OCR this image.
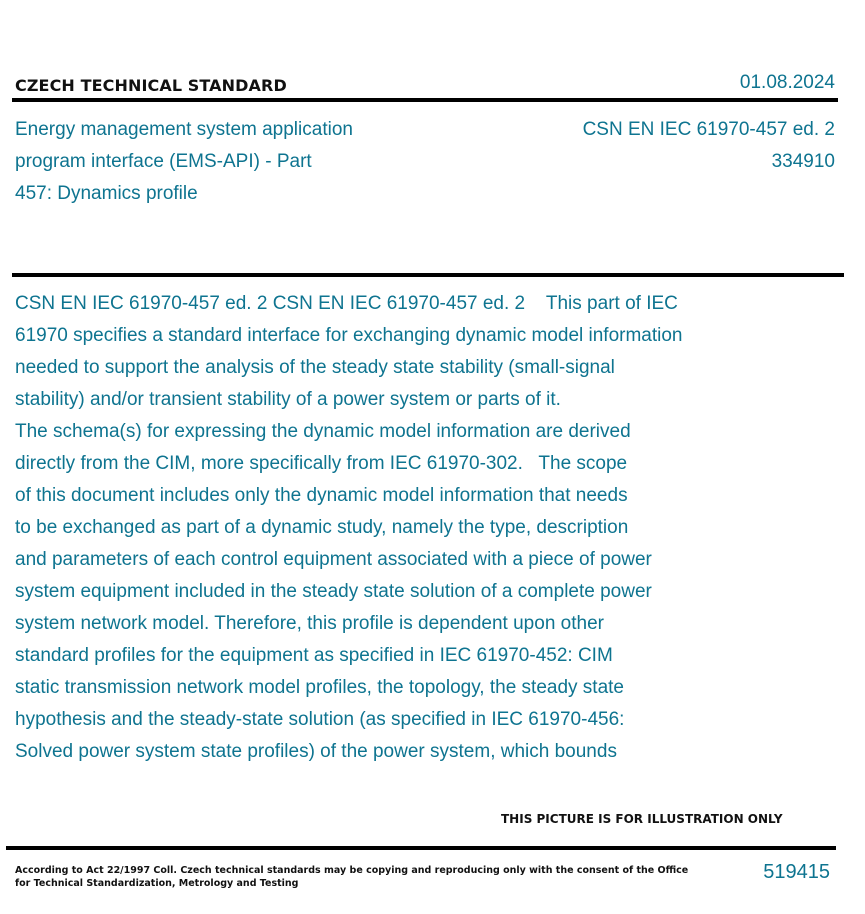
CZECH TECHNICAL STANDARD	01.08.2024
Energy management system application
program interface (EMS-API) - Part
457: Dynamics profile
CSN EN IEC 61970-457 ed. 2
334910

CSN EN IEC 61970-457 ed. 2 CSN EN IEC 61970-457 ed. 2    This part of IEC
61970 specifies a standard interface for exchanging dynamic model information
needed to support the analysis of the steady state stability (small-signal
stability) and/or transient stability of a power system or parts of it.
The schema(s) for expressing the dynamic model information are derived
directly from the CIM, more specifically from IEC 61970-302.   The scope
of this document includes only the dynamic model information that needs
to be exchanged as part of a dynamic study, namely the type, description
and parameters of each control equipment associated with a piece of power
system equipment included in the steady state solution of a complete power
system network model. Therefore, this profile is dependent upon other
standard profiles for the equipment as specified in IEC 61970-452: CIM
static transmission network model profiles, the topology, the steady state
hypothesis and the steady-state solution (as specified in IEC 61970-456:
Solved power system state profiles) of the power system, which bounds

THIS PICTURE IS FOR ILLUSTRATION ONLY
According to Act 22/1997 Coll. Czech technical standards may be copying and reproducing only with the consent of the Office
for Technical Standardization, Metrology and Testing
519415
